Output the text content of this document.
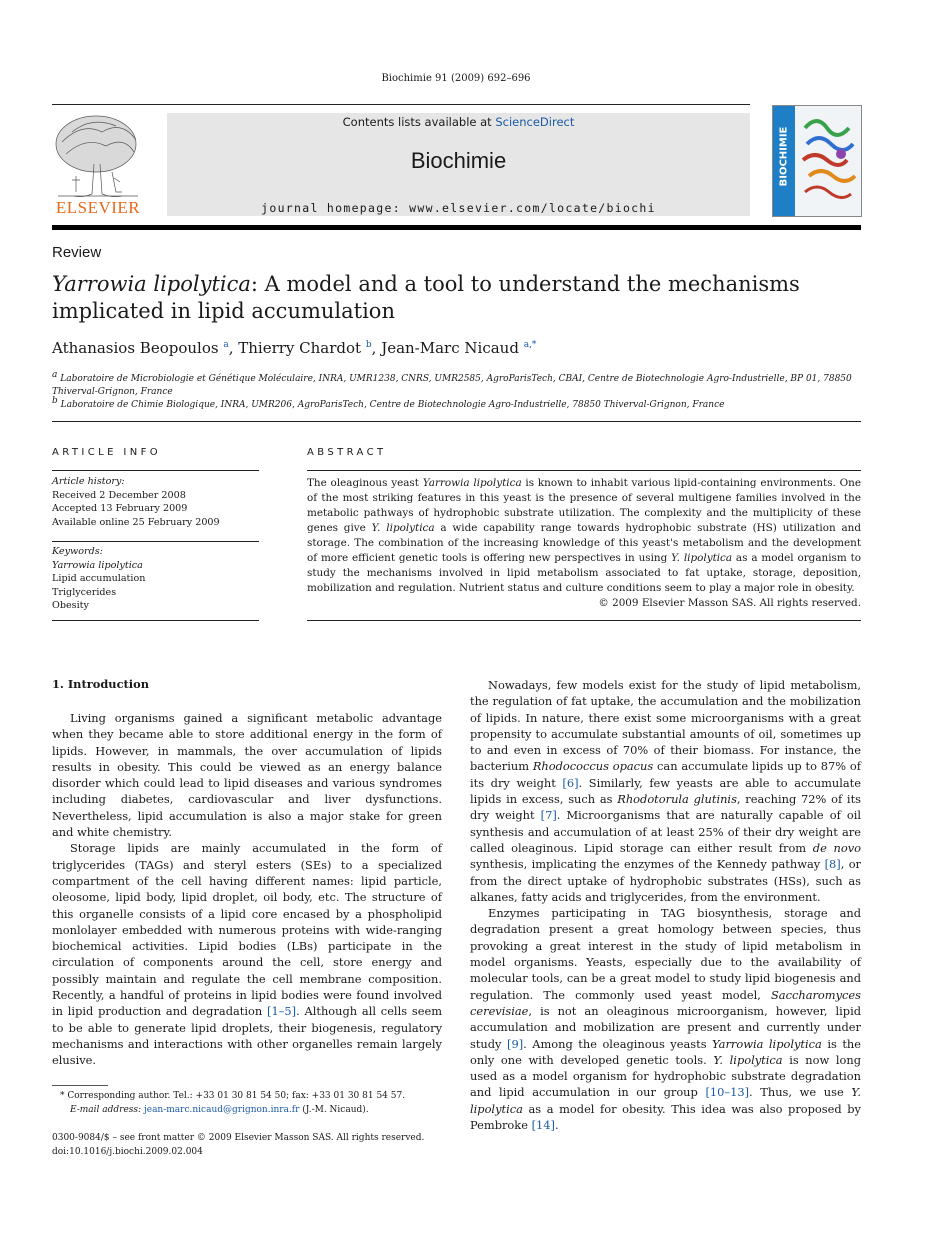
Biochimie 91 (2009) 692–696
ELSEVIER
Contents lists available at ScienceDirect
Biochimie
journal homepage: www.elsevier.com/locate/biochi
BIOCHIMIE
Review
Yarrowia lipolytica: A model and a tool to understand the mechanisms
implicated in lipid accumulation
Athanasios Beopoulos $^a$, Thierry Chardot $^b$, Jean-Marc Nicaud $^{a,*}$
$^a$ Laboratoire de Microbiologie et Génétique Moléculaire, INRA, UMR1238, CNRS, UMR2585, AgroParisTech, CBAI, Centre de Biotechnologie Agro-Industrielle, BP 01, 78850 Thiverval-Grignon, France
$^b$ Laboratoire de Chimie Biologique, INRA, UMR206, AgroParisTech, Centre de Biotechnologie Agro-Industrielle, 78850 Thiverval-Grignon, France
ARTICLE INFO
Article history:
Received 2 December 2008
Accepted 13 February 2009
Available online 25 February 2009
Keywords:
Yarrowia lipolytica
Lipid accumulation
Triglycerides
Obesity
ABSTRACT
The oleaginous yeast Yarrowia lipolytica is known to inhabit various lipid-containing environments. One of the most striking features in this yeast is the presence of several multigene families involved in the metabolic pathways of hydrophobic substrate utilization. The complexity and the multiplicity of these genes give Y. lipolytica a wide capability range towards hydrophobic substrate (HS) utilization and storage. The combination of the increasing knowledge of this yeast's metabolism and the development of more efficient genetic tools is offering new perspectives in using Y. lipolytica as a model organism to study the mechanisms involved in lipid metabolism associated to fat uptake, storage, deposition, mobilization and regulation. Nutrient status and culture conditions seem to play a major role in obesity.
© 2009 Elsevier Masson SAS. All rights reserved.
1. Introduction

Living organisms gained a significant metabolic advantage when they became able to store additional energy in the form of lipids. However, in mammals, the over accumulation of lipids results in obesity. This could be viewed as an energy balance disorder which could lead to lipid diseases and various syndromes including diabetes, cardiovascular and liver dysfunctions. Nevertheless, lipid accumulation is also a major stake for green and white chemistry.

Storage lipids are mainly accumulated in the form of triglycerides (TAGs) and steryl esters (SEs) to a specialized compartment of the cell having different names: lipid particle, oleosome, lipid body, lipid droplet, oil body, etc. The structure of this organelle consists of a lipid core encased by a phospholipid monlolayer embedded with numerous proteins with wide-ranging biochemical activities. Lipid bodies (LBs) participate in the circulation of components around the cell, store energy and possibly maintain and regulate the cell membrane composition. Recently, a handful of proteins in lipid bodies were found involved in lipid production and degradation [1–5]. Although all cells seem to be able to generate lipid droplets, their biogenesis, regulatory mechanisms and interactions with other organelles remain largely elusive.

Nowadays, few models exist for the study of lipid metabolism, the regulation of fat uptake, the accumulation and the mobilization of lipids. In nature, there exist some microorganisms with a great propensity to accumulate substantial amounts of oil, sometimes up to and even in excess of 70% of their biomass. For instance, the bacterium Rhodococcus opacus can accumulate lipids up to 87% of its dry weight [6]. Similarly, few yeasts are able to accumulate lipids in excess, such as Rhodotorula glutinis, reaching 72% of its dry weight [7]. Microorganisms that are naturally capable of oil synthesis and accumulation of at least 25% of their dry weight are called oleaginous. Lipid storage can either result from de novo synthesis, implicating the enzymes of the Kennedy pathway [8], or from the direct uptake of hydrophobic substrates (HSs), such as alkanes, fatty acids and triglycerides, from the environment.

Enzymes participating in TAG biosynthesis, storage and degradation present a great homology between species, thus provoking a great interest in the study of lipid metabolism in model organisms. Yeasts, especially due to the availability of molecular tools, can be a great model to study lipid biogenesis and regulation. The commonly used yeast model, Saccharomyces cerevisiae, is not an oleaginous microorganism, however, lipid accumulation and mobilization are present and currently under study [9]. Among the oleaginous yeasts Yarrowia lipolytica is the only one with developed genetic tools. Y. lipolytica is now long used as a model organism for hydrophobic substrate degradation and lipid accumulation in our group [10–13]. Thus, we use Y. lipolytica as a model for obesity. This idea was also proposed by Pembroke [14].

* Corresponding author. Tel.: +33 01 30 81 54 50; fax: +33 01 30 81 54 57.
E-mail address: jean-marc.nicaud@grignon.inra.fr (J.-M. Nicaud).
0300-9084/$ – see front matter © 2009 Elsevier Masson SAS. All rights reserved.
doi:10.1016/j.biochi.2009.02.004
